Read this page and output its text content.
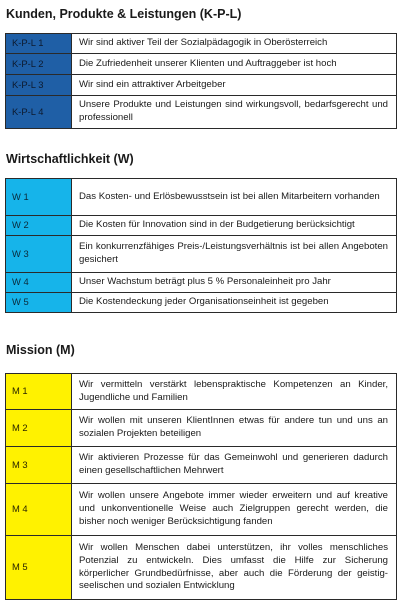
Kunden, Produkte & Leistungen (K-P-L)
K-P-L 1	Wir sind aktiver Teil der Sozialpädagogik in Oberösterreich
K-P-L 2	Die Zufriedenheit unserer Klienten und Auftraggeber ist hoch
K-P-L 3	Wir sind ein attraktiver Arbeitgeber
K-P-L 4	Unsere Produkte und Leistungen sind wirkungsvoll, bedarfsgerecht und professionell
Wirtschaftlichkeit (W)
W 1	Das Kosten- und Erlösbewusstsein ist bei allen Mitarbeitern vorhanden
W 2	Die Kosten für Innovation sind in der Budgetierung berücksichtigt
W 3	Ein konkurrenzfähiges Preis-/Leistungsverhältnis ist bei allen Angeboten gesichert
W 4	Unser Wachstum beträgt plus 5 % Personaleinheit pro Jahr
W 5	Die Kostendeckung jeder Organisationseinheit ist gegeben
Mission (M)
M 1	Wir vermitteln verstärkt lebenspraktische Kompetenzen an Kinder, Jugendliche und Familien
M 2	Wir wollen mit unseren KlientInnen etwas für andere tun und uns an sozialen Projekten beteiligen
M 3	Wir aktivieren Prozesse für das Gemeinwohl und generieren dadurch einen gesellschaftlichen Mehrwert
M 4	Wir wollen unsere Angebote immer wieder erweitern und auf kreative und unkonventionelle Weise auch Zielgruppen gerecht werden, die bisher noch weniger Berücksichtigung fanden
M 5	Wir wollen Menschen dabei unterstützen, ihr volles menschliches Potenzial zu entwickeln. Dies umfasst die Hilfe zur Sicherung körperlicher Grundbedürfnisse, aber auch die Förderung der geistig-seelischen und sozialen Entwicklung
